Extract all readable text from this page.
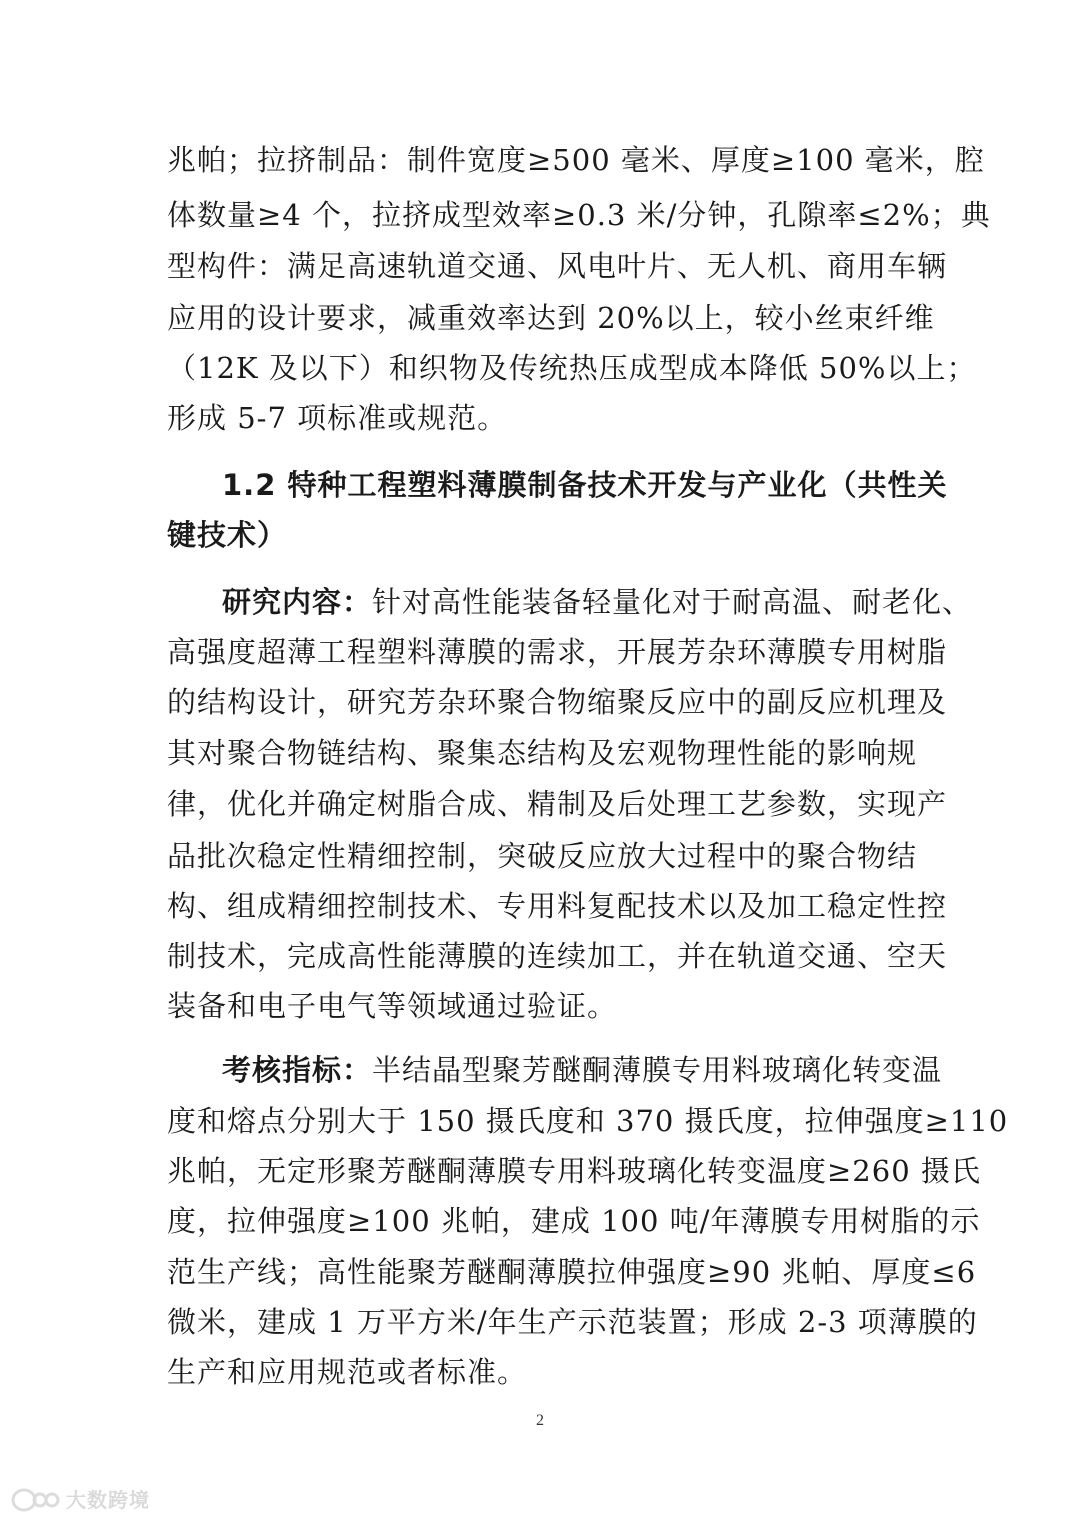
兆帕；拉挤制品：制件宽度≥500 毫米、厚度≥100 毫米，腔
体数量≥4 个，拉挤成型效率≥0.3 米/分钟，孔隙率≤2%；典
型构件：满足高速轨道交通、风电叶片、无人机、商用车辆
应用的设计要求，减重效率达到 20%以上，较小丝束纤维
（12K 及以下）和织物及传统热压成型成本降低 50%以上；
形成 5-7 项标准或规范。
1.2 特种工程塑料薄膜制备技术开发与产业化（共性关
键技术）
研究内容：针对高性能装备轻量化对于耐高温、耐老化、
高强度超薄工程塑料薄膜的需求，开展芳杂环薄膜专用树脂
的结构设计，研究芳杂环聚合物缩聚反应中的副反应机理及
其对聚合物链结构、聚集态结构及宏观物理性能的影响规
律，优化并确定树脂合成、精制及后处理工艺参数，实现产
品批次稳定性精细控制，突破反应放大过程中的聚合物结
构、组成精细控制技术、专用料复配技术以及加工稳定性控
制技术，完成高性能薄膜的连续加工，并在轨道交通、空天
装备和电子电气等领域通过验证。
考核指标：半结晶型聚芳醚酮薄膜专用料玻璃化转变温
度和熔点分别大于 150 摄氏度和 370 摄氏度，拉伸强度≥110
兆帕，无定形聚芳醚酮薄膜专用料玻璃化转变温度≥260 摄氏
度，拉伸强度≥100 兆帕，建成 100 吨/年薄膜专用树脂的示
范生产线；高性能聚芳醚酮薄膜拉伸强度≥90 兆帕、厚度≤6
微米，建成 1 万平方米/年生产示范装置；形成 2-3 项薄膜的
生产和应用规范或者标准。
2
大数跨境
